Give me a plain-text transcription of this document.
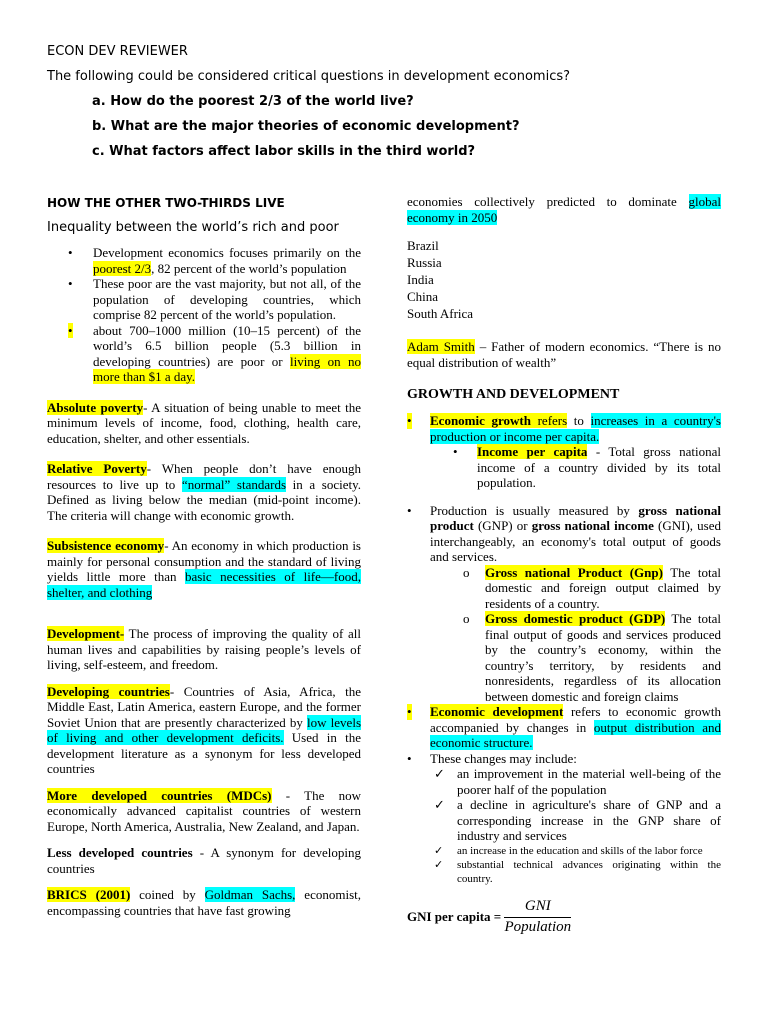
ECON DEV REVIEWER
The following could be considered critical questions in development economics?
a. How do the poorest 2/3 of the world live?
b. What are the major theories of economic development?
c. What factors affect labor skills in the third world?
HOW THE OTHER TWO-THIRDS LIVE
Inequality between the world’s rich and poor
• Development economics focuses primarily on the poorest 2/3, 82 percent of the world’s population
• These poor are the vast majority, but not all, of the population of developing countries, which comprise 82 percent of the world’s population.
• about 700–1000 million (10–15 percent) of the world’s 6.5 billion people (5.3 billion in developing countries) are poor or living on no more than $1 a day.
Absolute poverty- A situation of being unable to meet the minimum levels of income, food, clothing, health care, education, shelter, and other essentials.
Relative Poverty- When people don’t have enough resources to live up to “normal” standards in a society. Defined as living below the median (mid-point income). The criteria will change with economic growth.
Subsistence economy- An economy in which production is mainly for personal consumption and the standard of living yields little more than basic necessities of life—food, shelter, and clothing
Development- The process of improving the quality of all human lives and capabilities by raising people’s levels of living, self-esteem, and freedom.
Developing countries- Countries of Asia, Africa, the Middle East, Latin America, eastern Europe, and the former Soviet Union that are presently characterized by low levels of living and other development deficits. Used in the development literature as a synonym for less developed countries
More developed countries (MDCs) - The now economically advanced capitalist countries of western Europe, North America, Australia, New Zealand, and Japan.
Less developed countries - A synonym for developing countries
BRICS (2001) coined by Goldman Sachs, economist, encompassing countries that have fast growing
economies collectively predicted to dominate global economy in 2050
Brazil
Russia
India
China
South Africa
Adam Smith – Father of modern economics. “There is no equal distribution of wealth”
GROWTH AND DEVELOPMENT
• Economic growth refers to increases in a country's production or income per capita.
• Income per capita - Total gross national income of a country divided by its total population.
• Production is usually measured by gross national product (GNP) or gross national income (GNI), used interchangeably, an economy's total output of goods and services.
o Gross national Product (Gnp) The total domestic and foreign output claimed by residents of a country.
o Gross domestic product (GDP) The total final output of goods and services produced by the country’s economy, within the country’s territory, by residents and nonresidents, regardless of its allocation between domestic and foreign claims
• Economic development refers to economic growth accompanied by changes in output distribution and economic structure.
• These changes may include:
✓ an improvement in the material well-being of the poorer half of the population
✓ a decline in agriculture's share of GNP and a corresponding increase in the GNP share of industry and services
✓ an increase in the education and skills of the labor force
✓ substantial technical advances originating within the country.
GNI per capita = $\frac{\text{GNI}}{\text{Population}}$
